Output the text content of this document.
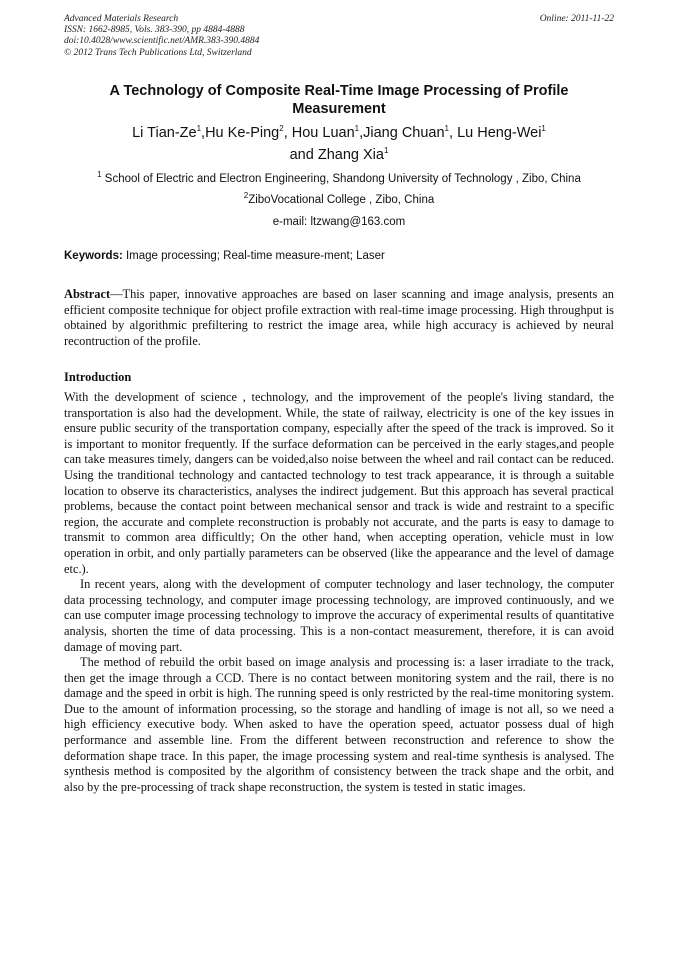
Advanced Materials Research
ISSN: 1662-8985, Vols. 383-390, pp 4884-4888
doi:10.4028/www.scientific.net/AMR.383-390.4884
© 2012 Trans Tech Publications Ltd, Switzerland
Online: 2011-11-22
A Technology of Composite Real-Time Image Processing of Profile
Measurement
Li Tian-Ze$^1$,Hu Ke-Ping$^2$, Hou Luan$^1$,Jiang Chuan$^1$, Lu Heng-Wei$^1$
and Zhang Xia$^1$
$^1$ School of Electric and Electron Engineering, Shandong University of Technology , Zibo, China
$^2$ZiboVocational College , Zibo, China
e-mail: ltzwang@163.com
Keywords: Image processing; Real-time measure-ment; Laser

Abstract—This paper, innovative approaches are based on laser scanning and image analysis, presents an efficient composite technique for object profile extraction with real-time image processing. High throughput is obtained by algorithmic prefiltering to restrict the image area, while high accuracy is achieved by neural recontruction of the profile.

Introduction

With the development of science , technology, and the improvement of the people's living standard, the transportation is also had the development. While, the state of railway, electricity is one of the key issues in ensure public security of the transportation company, especially after the speed of the track is improved. So it is important to monitor frequently. If the surface deformation can be perceived in the early stages,and people can take measures timely, dangers can be voided,also noise between the wheel and rail contact can be reduced. Using the tranditional technology and cantacted technology to test track appearance, it is through a suitable location to observe its characteristics, analyses the indirect judgement. But this approach has several practical problems, because the contact point between mechanical sensor and track is wide and restraint to a specific region, the accurate and complete reconstruction is probably not accurate, and the parts is easy to damage to transmit to common area difficultly; On the other hand, when accepting operation, vehicle must in low operation in orbit, and only partially parameters can be observed (like the appearance and the level of damage etc.).

In recent years, along with the development of computer technology and laser technology, the computer data processing technology, and computer image processing technology, are improved continuously, and we can use computer image processing technology to improve the accuracy of experimental results of quantitative analysis, shorten the time of data processing. This is a non-contact measurement, therefore, it is can avoid damage of moving part.

The method of rebuild the orbit based on image analysis and processing is: a laser irradiate to the track, then get the image through a CCD. There is no contact between monitoring system and the rail, there is no damage and the speed in orbit is high. The running speed is only restricted by the real-time monitoring system. Due to the amount of information processing, so the storage and handling of image is not all, so we need a high efficiency executive body. When asked to have the operation speed, actuator possess dual of high performance and assemble line. From the different between reconstruction and reference to show the deformation shape trace. In this paper, the image processing system and real-time synthesis is analysed. The synthesis method is composited by the algorithm of consistency between the track shape and the orbit, and also by the pre-processing of track shape reconstruction, the system is tested in static images.
